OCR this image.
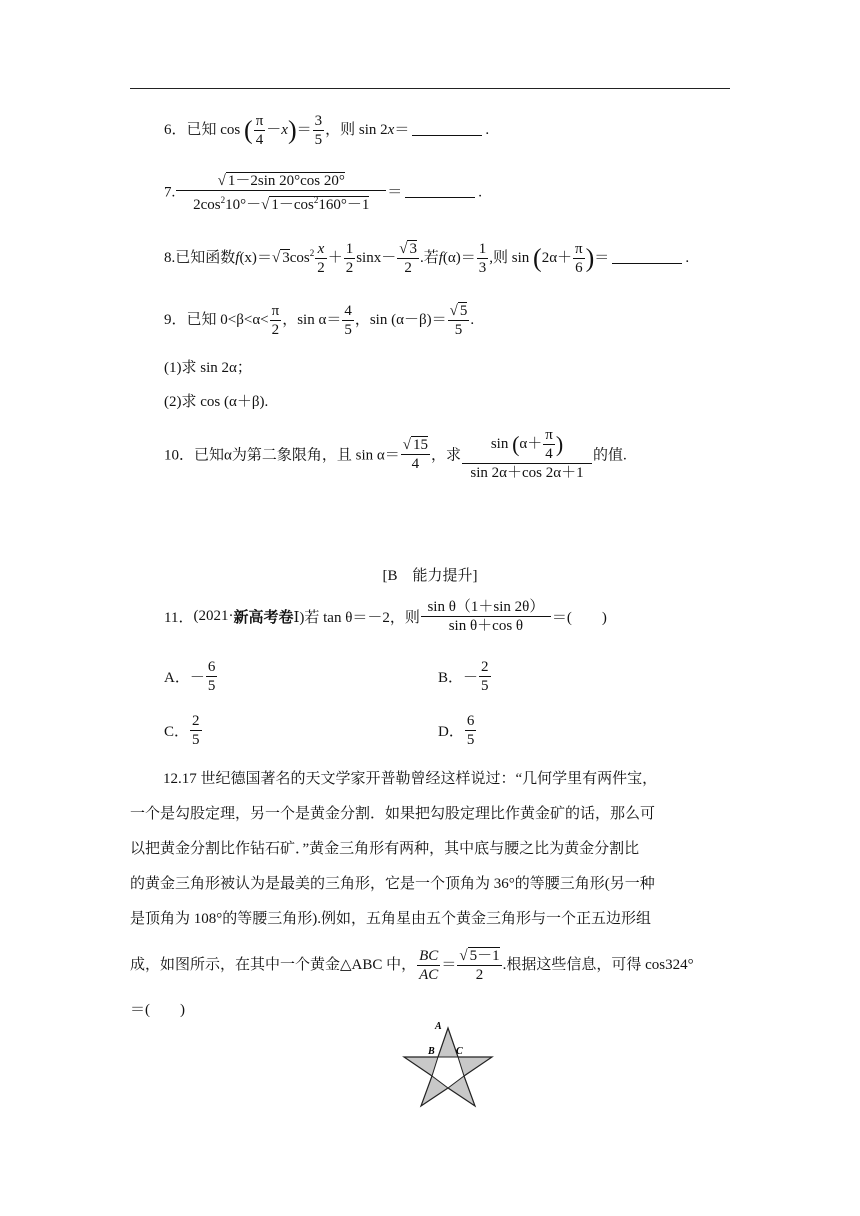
6．已知 cos ( $\frac{\pi}{4} -x)= \frac{3}{5}$ ，则 sin 2x＝	.
7. $\frac{√ 1-2\sin 20^\circ\cos 20^\circ}{2\cos^210^\circ-√ 1-\cos^2160^\circ-1}$ ＝	.
8.已知函数f(x)＝√ $3\cos^2 \frac{x}{2} + \frac{1}{2} \sin x- \frac{√ 3}{2}$ .若$f(\alpha)= \frac{1}{3}$ ,则 $\sin (2\alpha+ \frac{\pi}{6}$ )＝	.
9．已知 $0<\beta<\alpha< \frac{\pi}{2}$ ，$\sin \alpha= \frac{4}{5}$ ，$\sin (\alpha-\beta)= \frac{√ 5}{5}$ .
(1)求 sin 2α；
(2)求 cos (α＋β).
10．已知α为第二象限角，且 $\sin \alpha= \frac{√ 15}{4}$ ，求 $\frac{\sin (\alpha+ \frac{\pi}{4} )}{\sin 2\alpha+\cos 2\alpha+1}$ 的值.
[B　能力提升]
11．(2021·新高考卷Ⅰ)若 tan θ＝－2，则 $\frac{\text{sin θ（1＋sin 2θ）}}{\text{sin θ＋cos θ}}$ ＝(　　)
A．－ $\frac{6}{5}$	B．－ $\frac{2}{5}$
C． $\frac{2}{5}$	D． $\frac{6}{5}$
12.17 世纪德国著名的天文学家开普勒曾经这样说过：“几何学里有两件宝，
一个是勾股定理，另一个是黄金分割．如果把勾股定理比作黄金矿的话，那么可
以把黄金分割比作钻石矿．”黄金三角形有两种，其中底与腰之比为黄金分割比
的黄金三角形被认为是最美的三角形，它是一个顶角为 36°的等腰三角形(另一种
是顶角为 108°的等腰三角形).例如，五角星由五个黄金三角形与一个正五边形组
成，如图所示，在其中一个黄金△ABC 中， $\frac{BC}{AC} = \frac{√ 5-1}{2}$ .根据这些信息，可得 cos324°
＝(　　)
A
B C
